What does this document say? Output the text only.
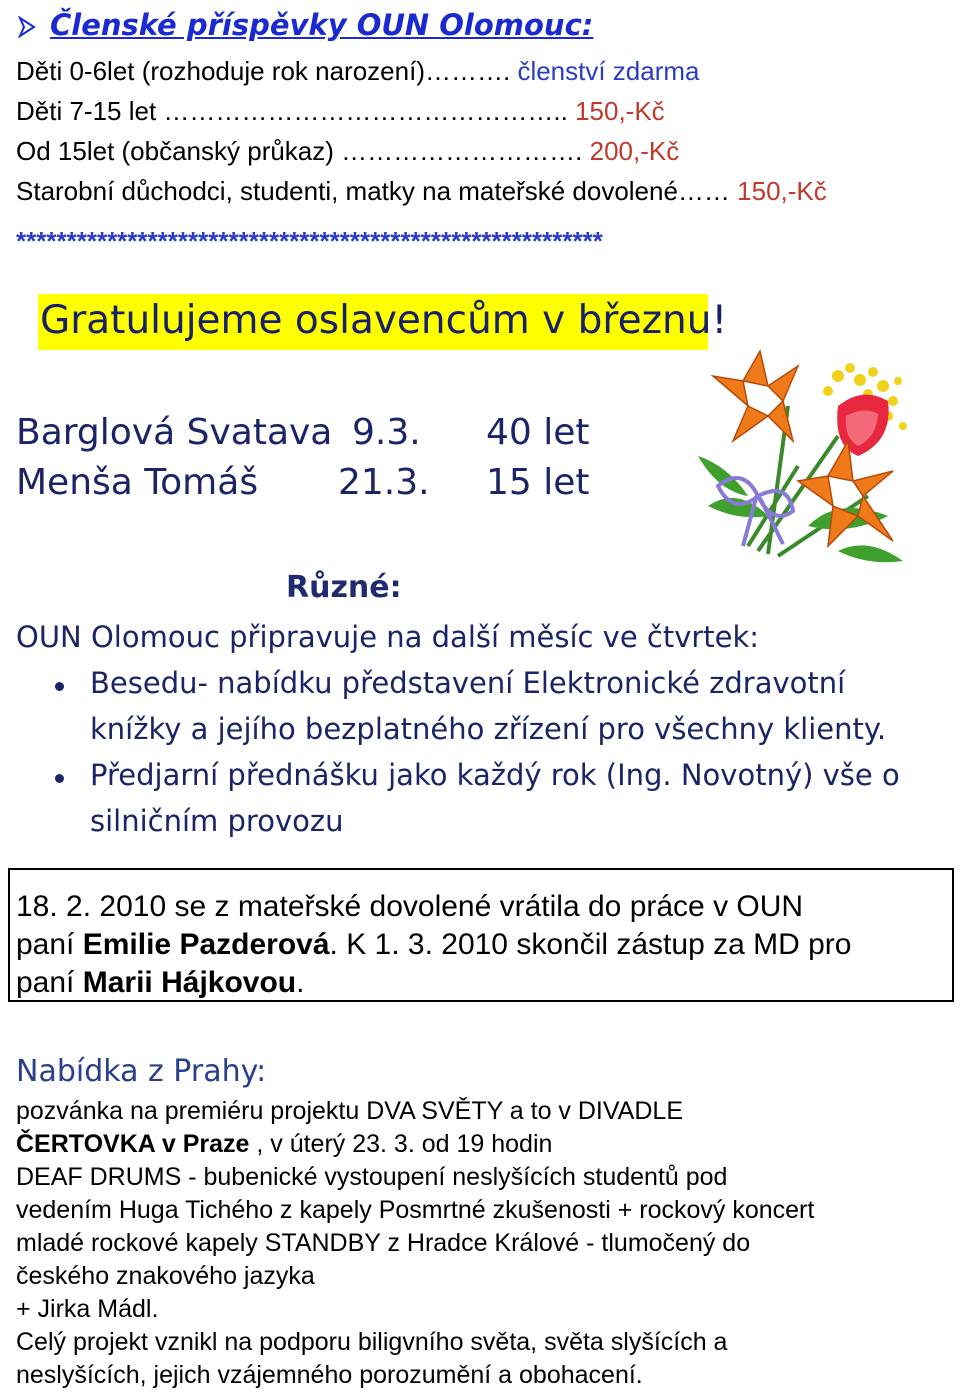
Členské příspěvky OUN Olomouc:
Děti 0-6let (rozhoduje rok narození)………. členství zdarma
Děti 7-15 let ……………………………………….. 150,-Kč
Od 15let (občanský průkaz) ………………………. 200,-Kč
Starobní důchodci, studenti, matky na mateřské dovolené…… 150,-Kč
**********************************************************
Gratulujeme oslavencům v březnu!
Barglová Svatava 9.3. 40 let
Menša Tomáš 21.3. 15 let
Různé:
OUN Olomouc připravuje na další měsíc ve čtvrtek:
Besedu- nabídku představení Elektronické zdravotní
knížky a jejího bezplatného zřízení pro všechny klienty.
Předjarní přednášku jako každý rok (Ing. Novotný) vše o
silničním provozu
18. 2. 2010 se z mateřské dovolené vrátila do práce v OUN
paní Emilie Pazderová. K 1. 3. 2010 skončil zástup za MD pro
paní Marii Hájkovou.
Nabídka z Prahy:
pozvánka na premiéru projektu DVA SVĚTY a to v DIVADLE
ČERTOVKA v Praze , v úterý 23. 3. od 19 hodin
DEAF DRUMS - bubenické vystoupení neslyšících studentů pod
vedením Huga Tichého z kapely Posmrtné zkušenosti + rockový koncert
mladé rockové kapely STANDBY z Hradce Králové - tlumočený do
českého znakového jazyka
+ Jirka Mádl.
Celý projekt vznikl na podporu biligvního světa, světa slyšících a
neslyšících, jejich vzájemného porozumění a obohacení.
